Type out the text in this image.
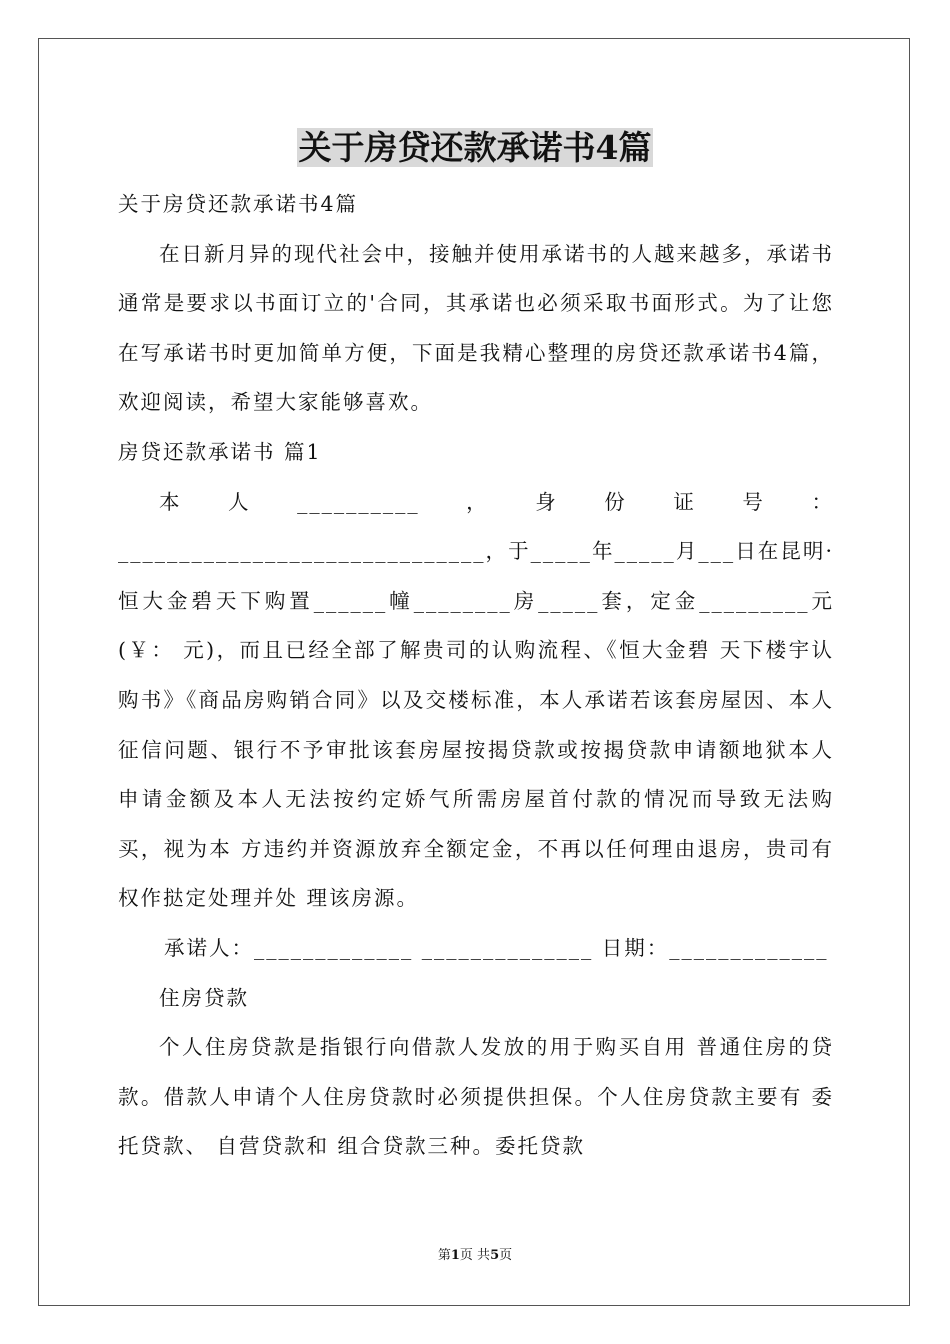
关于房贷还款承诺书4篇

关于房贷还款承诺书4篇

在日新月异的现代社会中，接触并使用承诺书的人越来越多，承诺书通常是要求以书面订立的'合同，其承诺也必须采取书面形式。为了让您在写承诺书时更加简单方便，下面是我精心整理的房贷还款承诺书4篇，欢迎阅读，希望大家能够喜欢。

房贷还款承诺书 篇1

本人__________，身份证号：______________________________，于_____年_____月___日在昆明·恒大金碧天下购置______幢________房_____套，定金_________元(￥： 元)，而且已经全部了解贵司的认购流程、《恒大金碧 天下楼宇认购书》《商品房购销合同》以及交楼标准，本人承诺若该套房屋因、本人征信问题、银行不予审批该套房屋按揭贷款或按揭贷款申请额地狱本人申请金额及本人无法按约定娇气所需房屋首付款的情况而导致无法购买，视为本 方违约并资源放弃全额定金，不再以任何理由退房，贵司有权作挞定处理并处 理该房源。

承诺人：_____________ ______________ 日期：_____________

住房贷款

个人住房贷款是指银行向借款人发放的用于购买自用 普通住房的贷款。借款人申请个人住房贷款时必须提供担保。个人住房贷款主要有 委托贷款、 自营贷款和 组合贷款三种。委托贷款

第1页 共5页
